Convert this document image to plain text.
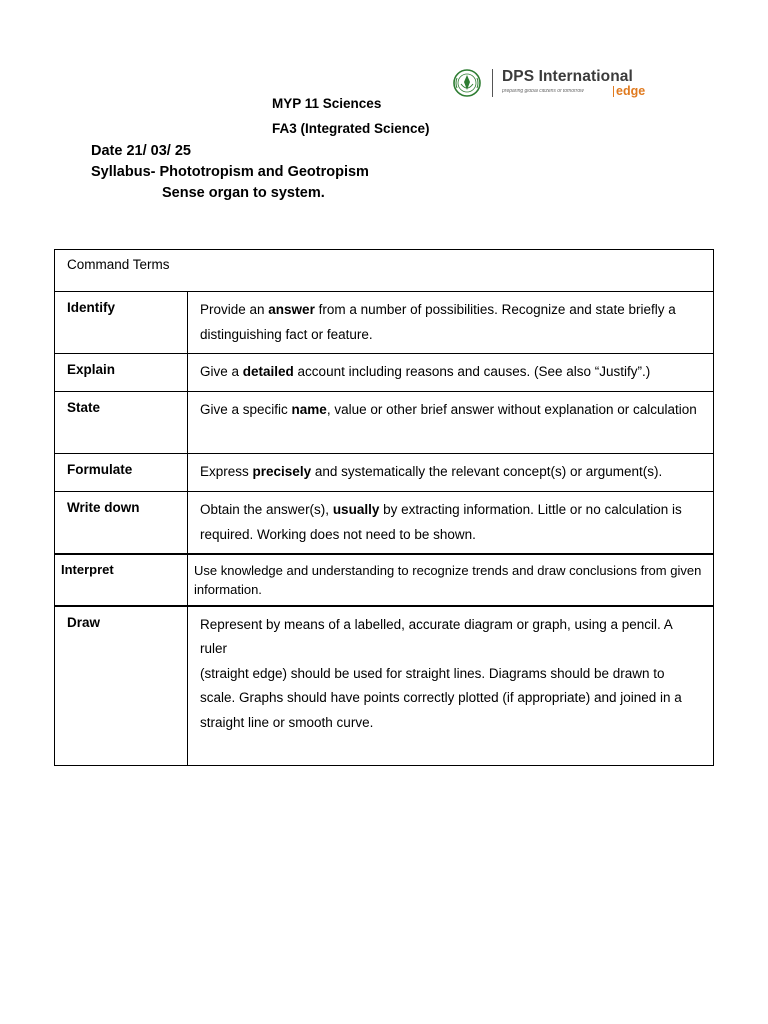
DPS International
preparing global citizens of tomorrow	edge
MYP 11 Sciences
FA3 (Integrated Science)
Date 21/ 03/ 25
Syllabus- Phototropism and Geotropism
Sense organ to system.
Command Terms	
Identify	Provide an answer from a number of possibilities. Recognize and state briefly a distinguishing fact or feature.
Explain	Give a detailed account including reasons and causes. (See also “Justify”.)
State	Give a specific name, value or other brief answer without explanation or calculation
Formulate	Express precisely and systematically the relevant concept(s) or argument(s).
Write down	Obtain the answer(s), usually by extracting information. Little or no calculation is required. Working does not need to be shown.
Interpret	Use knowledge and understanding to recognize trends and draw conclusions from given information.
Draw	Represent by means of a labelled, accurate diagram or graph, using a pencil. A
ruler
(straight edge) should be used for straight lines. Diagrams should be drawn to
scale. Graphs should have points correctly plotted (if appropriate) and joined in a
straight line or smooth curve.
